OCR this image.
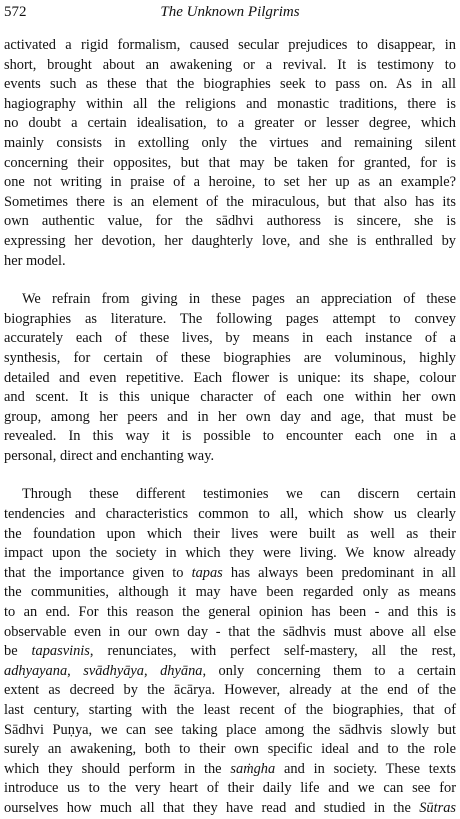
572	The Unknown Pilgrims

activated a rigid formalism, caused secular prejudices to disappear, in
short, brought about an awakening or a revival. It is testimony to
events such as these that the biographies seek to pass on. As in all
hagiography within all the religions and monastic traditions, there is
no doubt a certain idealisation, to a greater or lesser degree, which
mainly consists in extolling only the virtues and remaining silent
concerning their opposites, but that may be taken for granted, for is
one not writing in praise of a heroine, to set her up as an example?
Sometimes there is an element of the miraculous, but that also has its
own authentic value, for the sādhvi authoress is sincere, she is
expressing her devotion, her daughterly love, and she is enthralled by
her model.

We refrain from giving in these pages an appreciation of these
biographies as literature. The following pages attempt to convey
accurately each of these lives, by means in each instance of a
synthesis, for certain of these biographies are voluminous, highly
detailed and even repetitive. Each flower is unique: its shape, colour
and scent. It is this unique character of each one within her own
group, among her peers and in her own day and age, that must be
revealed. In this way it is possible to encounter each one in a
personal, direct and enchanting way.

Through these different testimonies we can discern certain
tendencies and characteristics common to all, which show us clearly
the foundation upon which their lives were built as well as their
impact upon the society in which they were living. We know already
that the importance given to tapas has always been predominant in all
the communities, although it may have been regarded only as means
to an end. For this reason the general opinion has been - and this is
observable even in our own day - that the sādhvis must above all else
be tapasvinis, renunciates, with perfect self-mastery, all the rest,
adhyayana, svādhyāya, dhyāna, only concerning them to a certain
extent as decreed by the ācārya. However, already at the end of the
last century, starting with the least recent of the biographies, that of
Sādhvi Puṇya, we can see taking place among the sādhvis slowly but
surely an awakening, both to their own specific ideal and to the role
which they should perform in the saṁgha and in society. These texts
introduce us to the very heart of their daily life and we can see for
ourselves how much all that they have read and studied in the Sūtras
